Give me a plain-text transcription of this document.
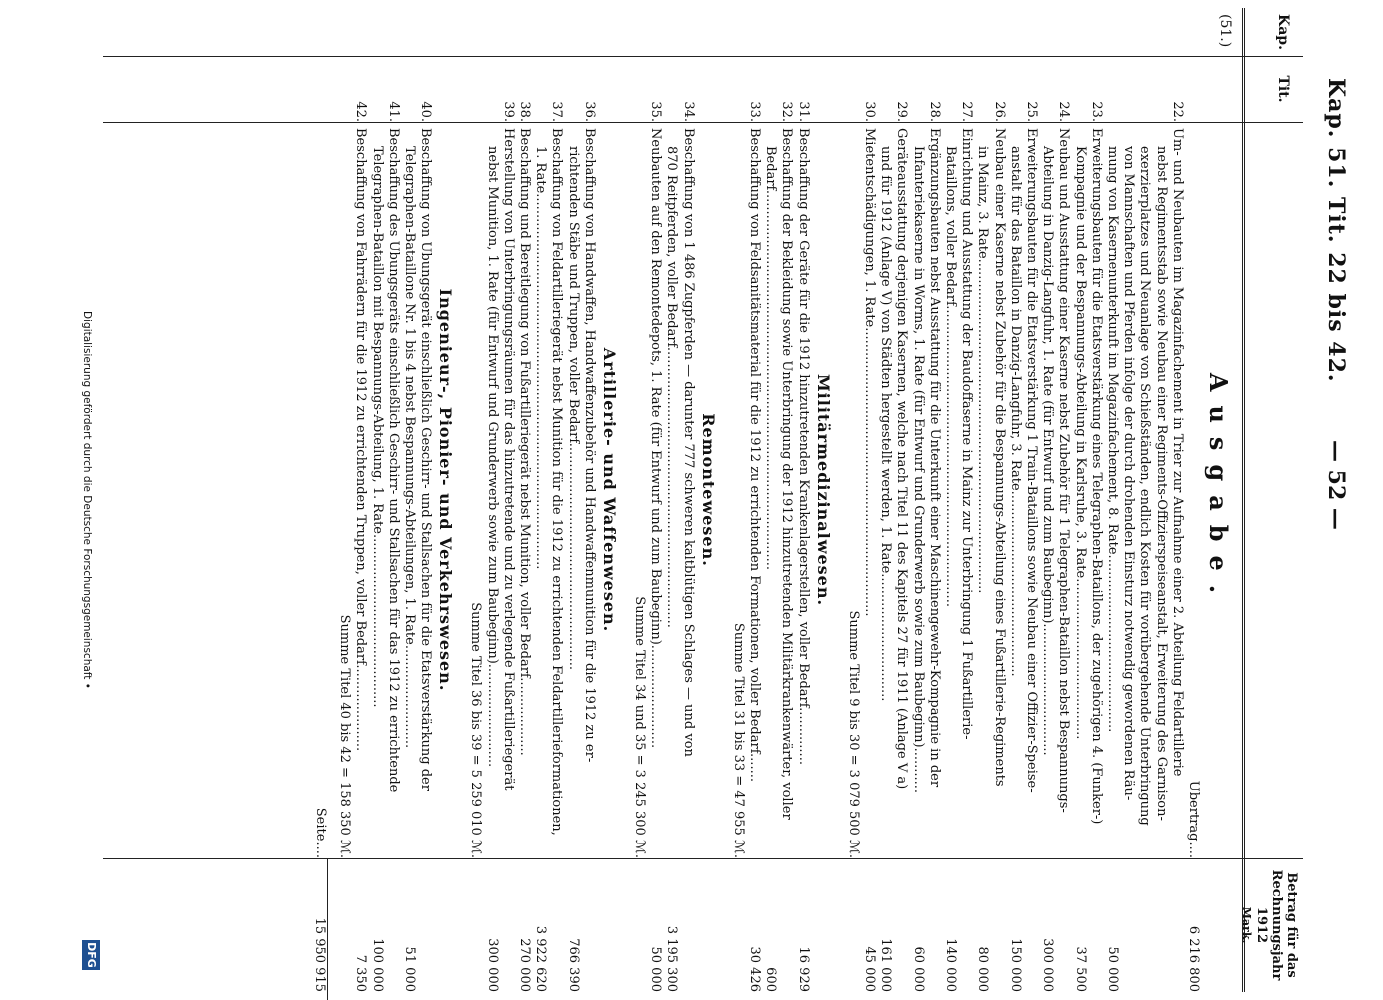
Kap. 51. Tit. 22 bis 42.
— 52 —
Kap.
(51.)
Tit.
Betrag für das
Rechnungsjahr
1912
Mark.
Ausgabe.
Übertrag....
6 216 800
22.
Um- und Neubauten im Magazinfachement in Trier zur Aufnahme einer 2. Abteilung Feldartillerie
nebst Regimentsstab sowie Neubau einer Regiments-Offizierspeiseanstalt, Erweiterung des Garnison-
exerzierplatzes und Neuanlage von Schießständen, endlich Kosten für vorübergehende Unterbringung
von Mannschaften und Pferden infolge der durch drohenden Einsturz notwendig gewordenen Räu-
mung von Kasernenunterkunft im Magazinfachement, 8. Rate...........................................
50 000
23.
Erweiterungsbauten für die Etatsverstärkung eines Telegraphen-Bataillons, der zugehörigen 4. (Funker-)
Kompagnie und der Bespannungs-Abteilung in Karlsruhe, 3. Rate.......................................
37 500
24.
Neubau und Ausstattung einer Kaserne nebst Zubehör für 1 Telegraphen-Bataillon nebst Bespannungs-
Abteilung in Danzig-Langfuhr, 1. Rate (für Entwurf und zum Baubeginn)................................
300 000
25.
Erweiterungsbauten für die Etatsverstärkung 1 Train-Bataillons sowie Neubau einer Offizier-Speise-
anstalt für das Bataillon in Danzig-Langfuhr, 3. Rate.............................................
150 000
26.
Neubau einer Kaserne nebst Zubehör für die Bespannungs-Abteilung eines Fußartillerie-Regiments
in Mainz, 3. Rate.................................................................................
80 000
27.
Einrichtung und Ausstattung der Baudoffaserne in Mainz zur Unterbringung 1 Fußartillerie-
Bataillons, voller Bedarf.........................................................................
140 000
28.
Ergänzungsbauten nebst Ausstattung für die Unterkunft einer Maschinengewehr-Kompagnie in der
Infanteriekaserne in Worms, 1. Rate (für Entwurf und Grunderwerb sowie zum Baubeginn)...........
60 000
29.
Geräteausstattung derjenigen Kasernen, welche nach Titel 11 des Kapitels 27 für 1911 (Anlage V a)
und für 1912 (Anlage V) von Städten hergestellt werden, 1. Rate...............................
161 000
30.
Mietentschädigungen, 1. Rate......................................................................
45 000
Summe Titel 9 bis 30 = 3 079 500 ℳ.
Militärmedizinalwesen.
31.
Beschaffung der Geräte für die 1912 hinzutretenden Krankenlagerstellen, voller Bedarf..............
16 929
32.
Beschaffung der Bekleidung sowie Unterbringung der 1912 hinzutretenden Militärkrankenwärter, voller
Bedarf............................................................................................
600
33.
Beschaffung von Feldsanitätsmaterial für die 1912 zu errichtenden Formationen, voller Bedarf.......
30 426
Summe Titel 31 bis 33 = 47 955 ℳ.
Remontewesen.
34.
Beschaffung von 1 486 Zugpferden — darunter 777 schweren kaltblütigen Schlages — und von
870 Reitpferden, voller Bedarf....................................................................
3 195 300
35.
Neubauten auf den Remontedepots, 1. Rate (für Entwurf und zum Baubeginn).........................
50 000
Summe Titel 34 und 35 = 3 245 300 ℳ.
Artillerie- und Waffenwesen.
36.
Beschaffung von Handwaffen, Handwaffenzubehör und Handwaffenmunition für die 1912 zu er-
richtenden Stäbe und Truppen, voller Bedarf.......................................................
766 390
37.
Beschaffung von Feldartilleriegerät nebst Munition für die 1912 zu errichtenden Feldartillerieformationen,
1. Rate...........................................................................................
3 922 620
38.
Beschaffung und Bereitlegung von Fußartilleriegerät nebst Munition, voller Bedarf...................
270 000
39.
Herstellung von Unterbringungsräumen für das hinzutretende und zu verlegende Fußartilleriegerät
nebst Munition, 1. Rate (für Entwurf und Grunderwerb sowie zum Baubeginn).........................
300 000
Summe Titel 36 bis 39 = 5 259 010 ℳ.
Ingenieur-, Pionier- und Verkehrswesen.
40.
Beschaffung von Übungsgerät einschließlich Geschirr- und Stallsachen für die Etatsverstärkung der
Telegraphen-Bataillone Nr. 1 bis 4 nebst Bespannungs-Abteilungen, 1. Rate.........................
51 000
41.
Beschaffung des Übungsgeräts einschließlich Geschirr- und Stallsachen für das 1912 zu errichtende
Telegraphen-Bataillon mit Bespannungs-Abteilung, 1. Rate..........................................
100 000
42.
Beschaffung von Fahrrädern für die 1912 zu errichtenden Truppen, voller Bedarf.....................
7 350
Summe Titel 40 bis 42 = 158 350 ℳ.
Seite....
15 950 915
Digitalisierung gefördert durch die Deutsche Forschungsgemeinschaft •
DFG
